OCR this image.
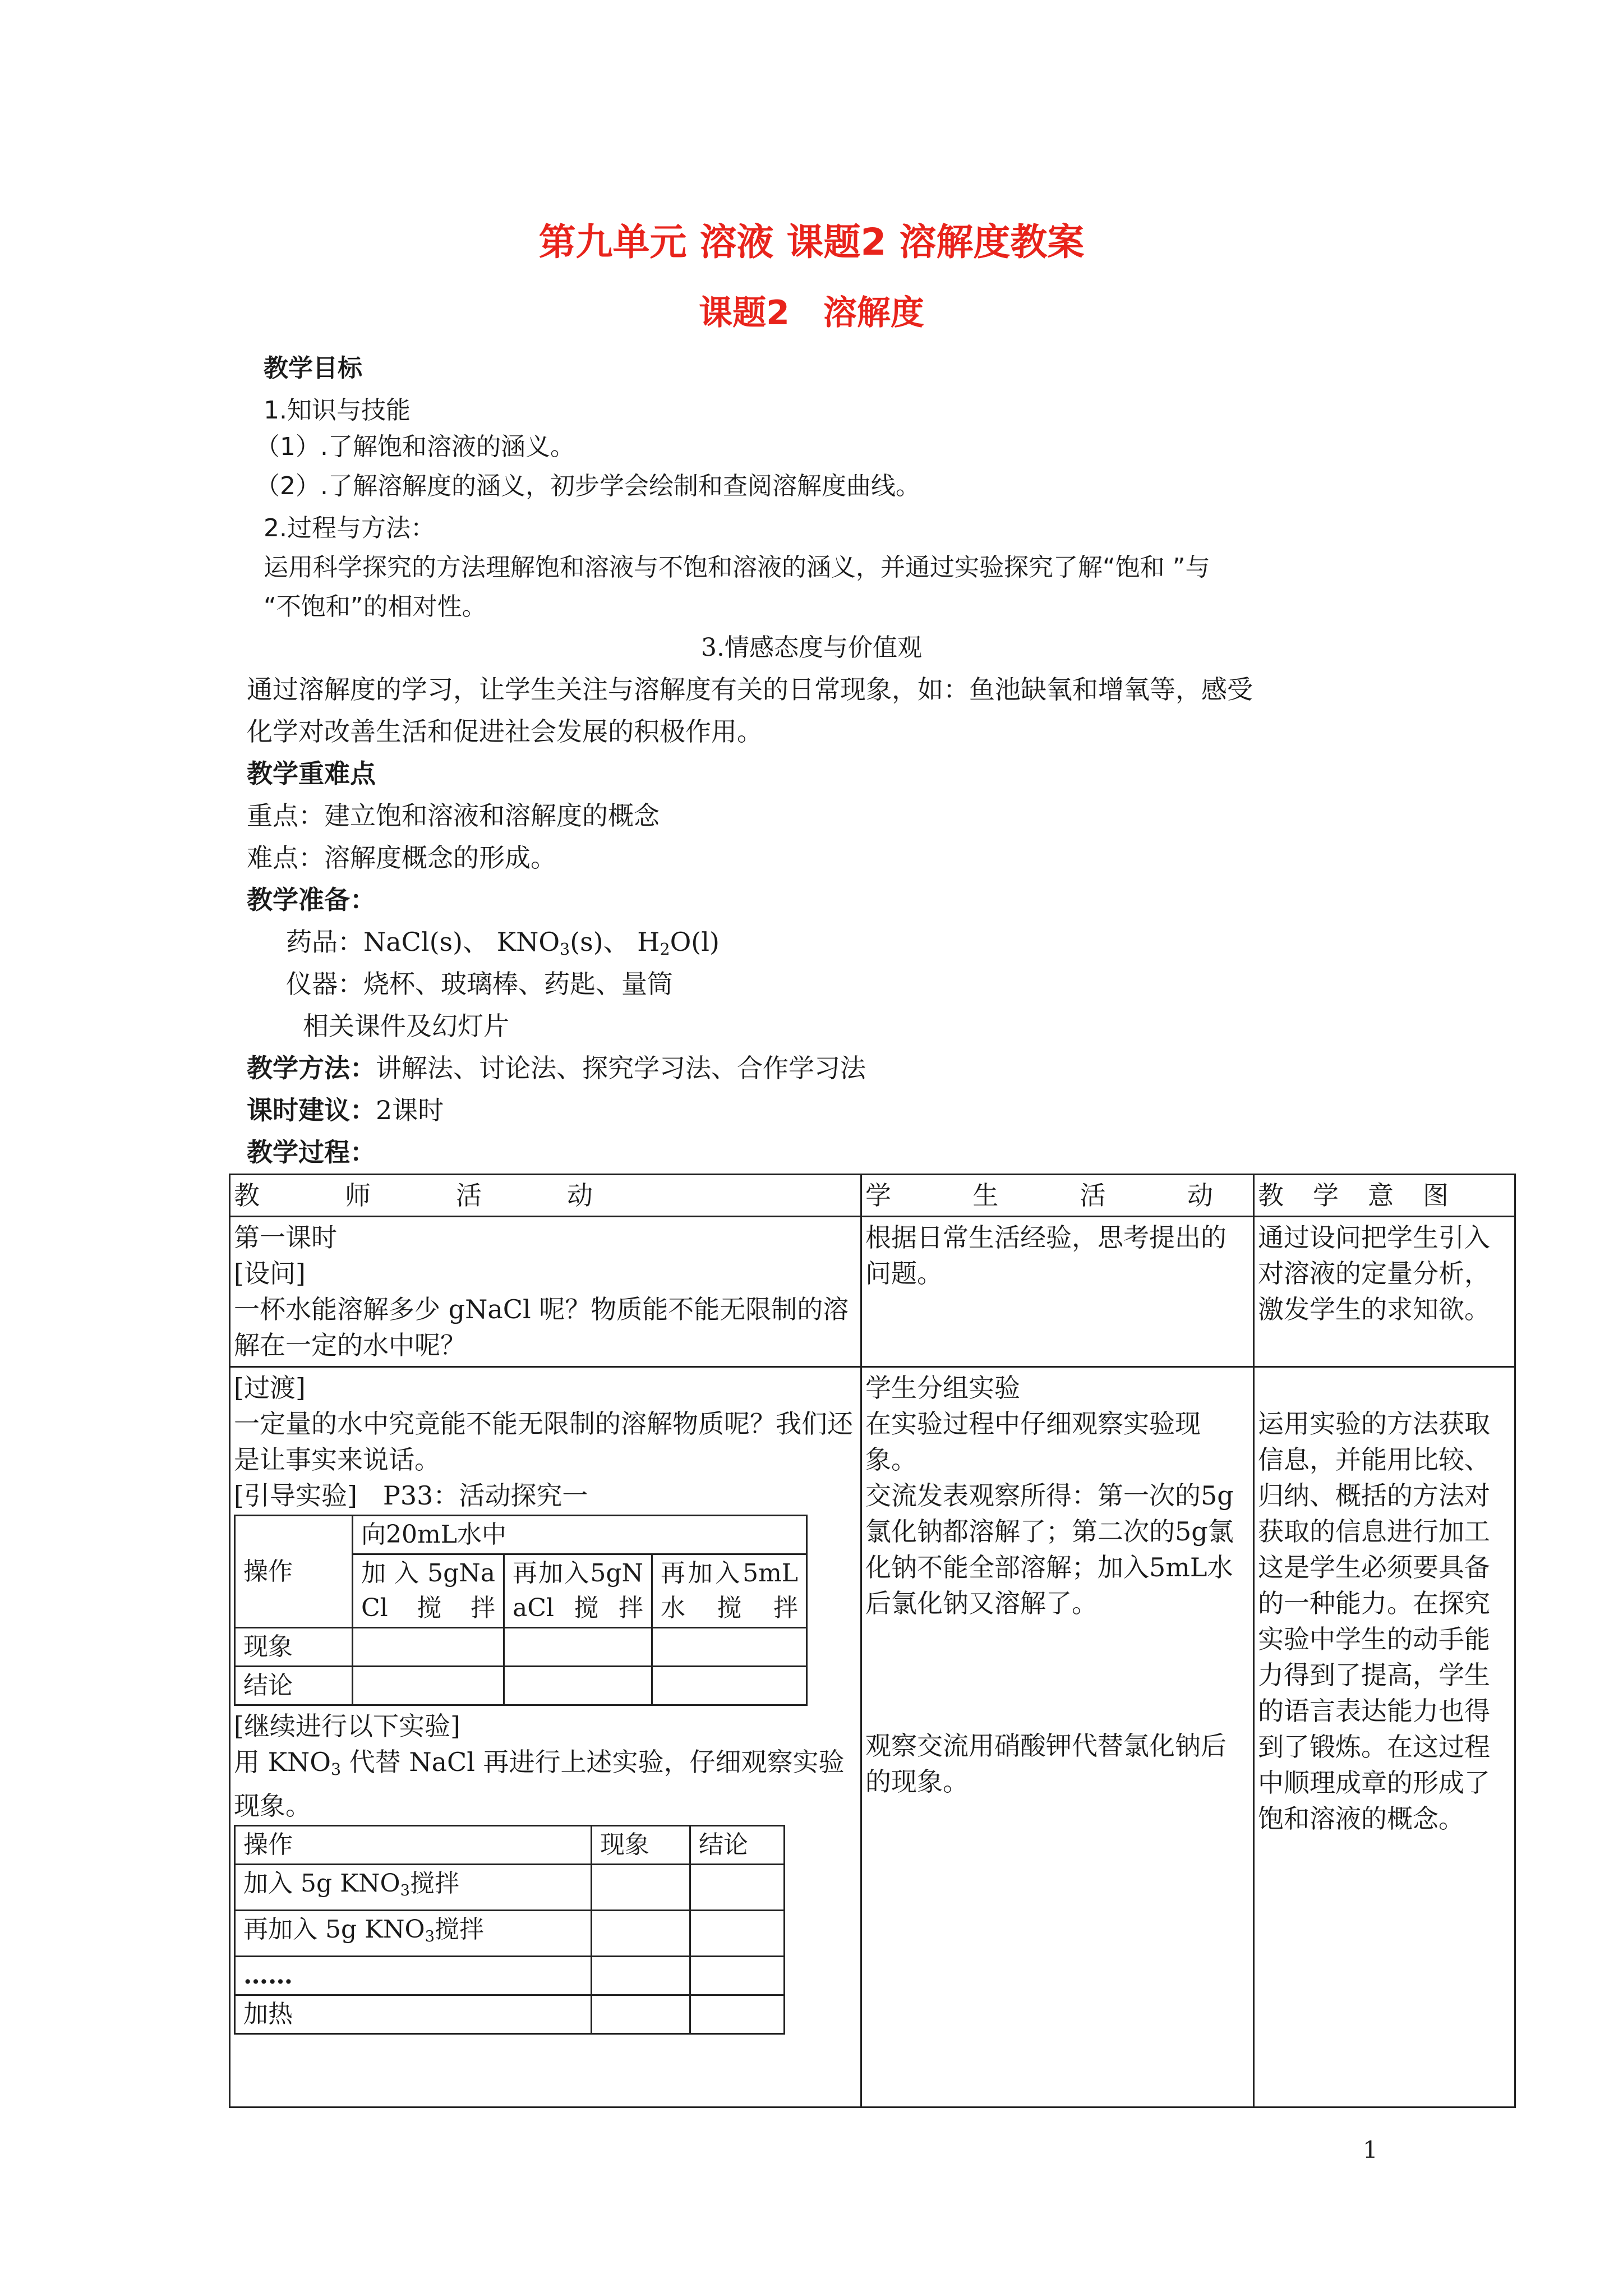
第九单元 溶液 课题2 溶解度教案
课题2　溶解度
教学目标
1.知识与技能
（1）.了解饱和溶液的涵义。
（2）.了解溶解度的涵义，初步学会绘制和查阅溶解度曲线。
2.过程与方法：
运用科学探究的方法理解饱和溶液与不饱和溶液的涵义，并通过实验探究了解“饱和 ”与
“不饱和”的相对性。
3.情感态度与价值观
通过溶解度的学习，让学生关注与溶解度有关的日常现象，如：鱼池缺氧和增氧等，感受
化学对改善生活和促进社会发展的积极作用。
教学重难点
重点：建立饱和溶液和溶解度的概念
难点：溶解度概念的形成。
教学准备：
药品：NaCl(s)、 $KNO_3(s)$、 $H_2O(l)$
仪器：烧杯、玻璃棒、药匙、量筒
相关课件及幻灯片
教学方法：讲解法、讨论法、探究学习法、合作学习法
课时建议：2课时
教学过程：
教	师	活	动	学	生	活	动	教 学 意 图

第一课时
[设问]
一杯水能溶解多少 gNaCl 呢？物质能不能无限制的溶解在一定的水中呢？

根据日常生活经验，思考提出的问题。

通过设问把学生引入对溶液的定量分析，激发学生的求知欲。

[过渡]
一定量的水中究竟能不能无限制的溶解物质呢？我们还是让事实来说话。
[引导实验]　P33：活动探究一
操作	向20mL水中
加入5gNaCl搅拌	再加入5gNaCl搅拌	再加入5mL水搅拌
现象			
结论			
[继续进行以下实验]
用 $KNO_3$ 代替 NaCl 再进行上述实验，仔细观察实验现象。
操作	现象	结论
加入 5g $KNO_3$搅拌		
再加入 5g $KNO_3$搅拌		
……		
加热		

学生分组实验
在实验过程中仔细观察实验现象。
交流发表观察所得：第一次的5g氯化钠都溶解了；第二次的5g氯化钠不能全部溶解；加入5mL水后氯化钠又溶解了。
观察交流用硝酸钾代替氯化钠后的现象。

运用实验的方法获取信息，并能用比较、归纳、概括的方法对获取的信息进行加工这是学生必须要具备的一种能力。在探究实验中学生的动手能力得到了提高，学生的语言表达能力也得到了锻炼。在这过程中顺理成章的形成了饱和溶液的概念。
1
